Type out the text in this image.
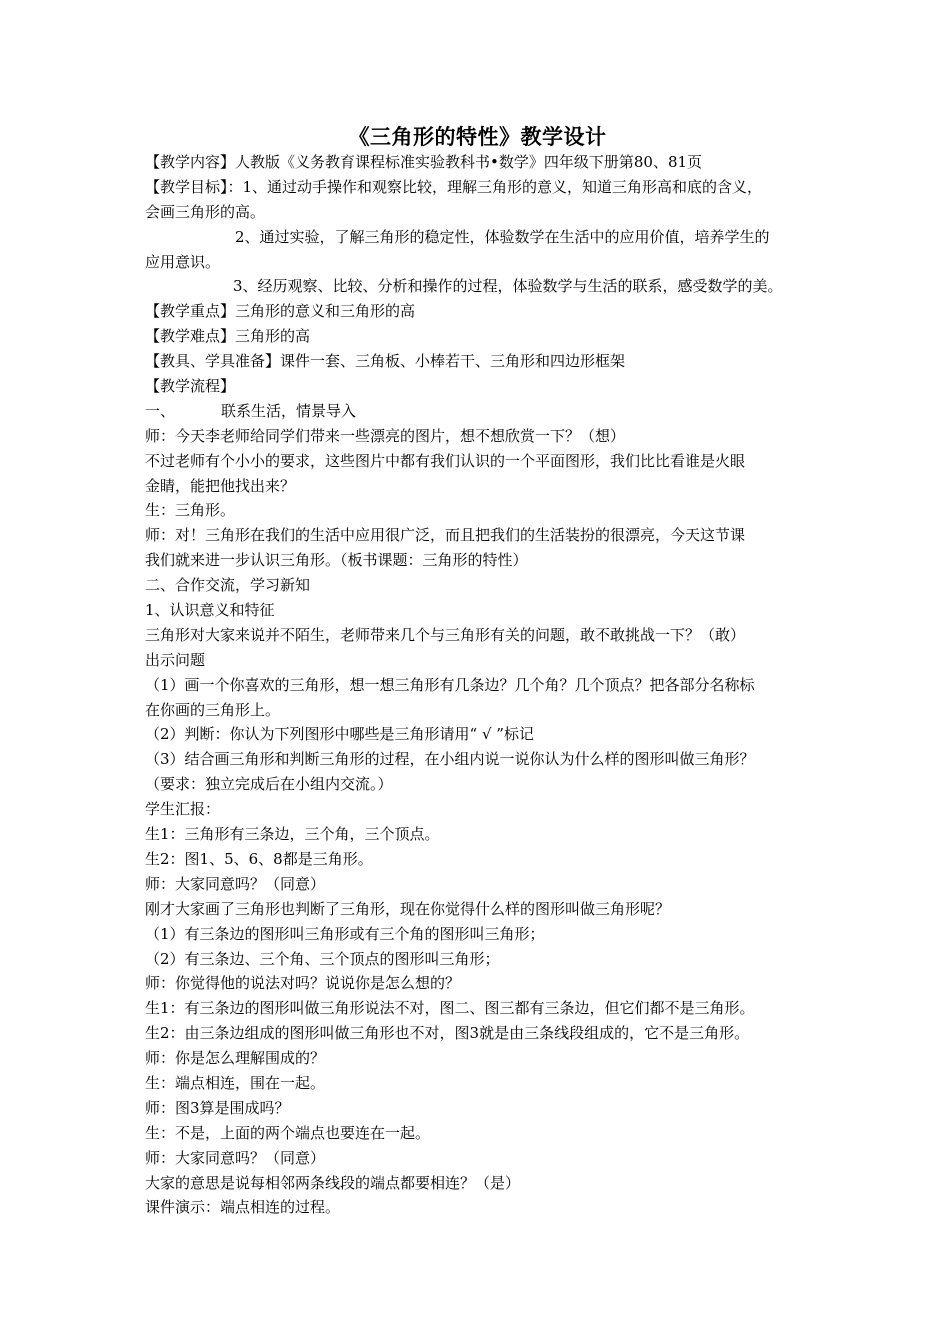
《三角形的特性》教学设计
【教学内容】人教版《义务教育课程标准实验教科书•数学》四年级下册第80、81页
【教学目标】：1、通过动手操作和观察比较，理解三角形的意义，知道三角形高和底的含义，
会画三角形的高。
2、通过实验，了解三角形的稳定性，体验数学在生活中的应用价值，培养学生的
应用意识。
3、经历观察、比较、分析和操作的过程，体验数学与生活的联系，感受数学的美。
【教学重点】三角形的意义和三角形的高
【教学难点】三角形的高
【教具、学具准备】课件一套、三角板、小棒若干、三角形和四边形框架
【教学流程】
一、	联系生活，情景导入
师：今天李老师给同学们带来一些漂亮的图片，想不想欣赏一下？（想）
不过老师有个小小的要求，这些图片中都有我们认识的一个平面图形，我们比比看谁是火眼
金睛，能把他找出来？
生：三角形。
师：对！三角形在我们的生活中应用很广泛，而且把我们的生活装扮的很漂亮，今天这节课
我们就来进一步认识三角形。（板书课题：三角形的特性）
二、合作交流，学习新知
1、认识意义和特征
三角形对大家来说并不陌生，老师带来几个与三角形有关的问题，敢不敢挑战一下？（敢）
出示问题
（1）画一个你喜欢的三角形，想一想三角形有几条边？几个角？几个顶点？把各部分名称标
在你画的三角形上。
（2）判断：你认为下列图形中哪些是三角形请用“ √ ”标记
（3）结合画三角形和判断三角形的过程，在小组内说一说你认为什么样的图形叫做三角形？
（要求：独立完成后在小组内交流。）
学生汇报：
生1：三角形有三条边，三个角，三个顶点。
生2：图1、5、6、8都是三角形。
师：大家同意吗？（同意）
刚才大家画了三角形也判断了三角形，现在你觉得什么样的图形叫做三角形呢？
（1）有三条边的图形叫三角形或有三个角的图形叫三角形；
（2）有三条边、三个角、三个顶点的图形叫三角形；
师：你觉得他的说法对吗？说说你是怎么想的？
生1：有三条边的图形叫做三角形说法不对，图二、图三都有三条边，但它们都不是三角形。
生2：由三条边组成的图形叫做三角形也不对，图3就是由三条线段组成的，它不是三角形。
师：你是怎么理解围成的？
生：端点相连，围在一起。
师：图3算是围成吗？
生：不是，上面的两个端点也要连在一起。
师：大家同意吗？（同意）
大家的意思是说每相邻两条线段的端点都要相连？（是）
课件演示：端点相连的过程。
